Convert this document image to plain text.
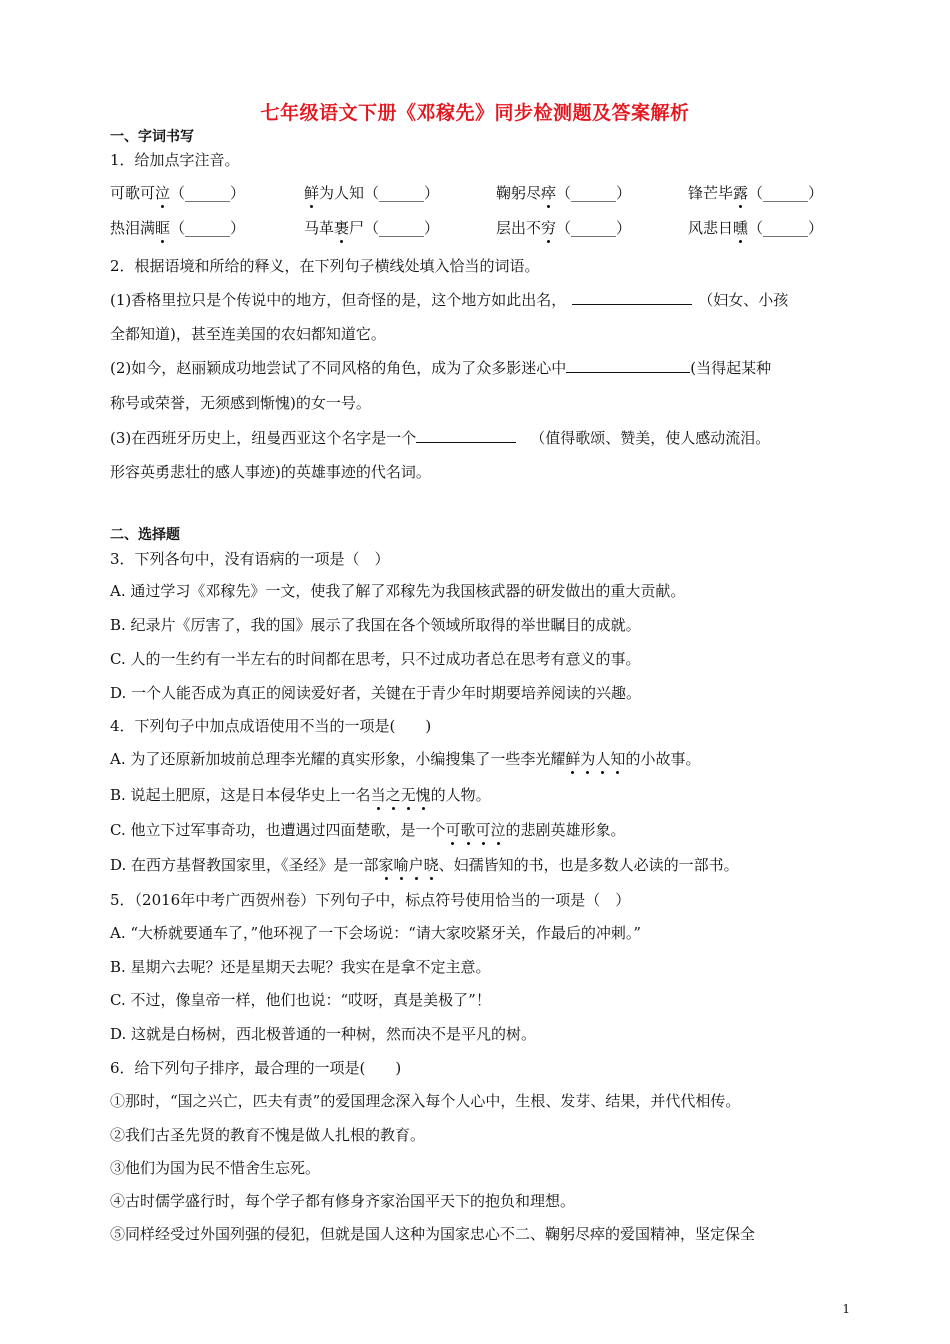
七年级语文下册《邓稼先》同步检测题及答案解析
一、字词书写
1．给加点字注音。
可歌可泣（______）	鲜为人知（______）	鞠躬尽瘁（______）	锋芒毕露（______）
热泪满眶（______）	马革裹尸（______）	层出不穷（______）	风悲日曛（______）
2．根据语境和所给的释义，在下列句子横线处填入恰当的词语。
(1)香格里拉只是个传说中的地方，但奇怪的是，这个地方如此出名，	（妇女、小孩
全都知道)，甚至连美国的农妇都知道它。
(2)如今，赵丽颖成功地尝试了不同风格的角色，成为了众多影迷心中	(当得起某种
称号或荣誉，无须感到惭愧)的女一号。
(3)在西班牙历史上，纽曼西亚这个名字是一个	（值得歌颂、赞美，使人感动流泪。
形容英勇悲壮的感人事迹)的英雄事迹的代名词。
二、选择题
3．下列各句中，没有语病的一项是（　）
A. 通过学习《邓稼先》一文，使我了解了邓稼先为我国核武器的研发做出的重大贡献。
B. 纪录片《厉害了，我的国》展示了我国在各个领域所取得的举世瞩目的成就。
C. 人的一生约有一半左右的时间都在思考，只不过成功者总在思考有意义的事。
D. 一个人能否成为真正的阅读爱好者，关键在于青少年时期要培养阅读的兴趣。
4．下列句子中加点成语使用不当的一项是(　　)
A. 为了还原新加坡前总理李光耀的真实形象，小编搜集了一些李光耀鲜为人知的小故事。
B. 说起土肥原，这是日本侵华史上一名当之无愧的人物。
C. 他立下过军事奇功，也遭遇过四面楚歌，是一个可歌可泣的悲剧英雄形象。
D. 在西方基督教国家里，《圣经》是一部家喻户晓、妇孺皆知的书，也是多数人必读的一部书。
5．（2016年中考广西贺州卷）下列句子中，标点符号使用恰当的一项是（　）
A. “大桥就要通车了，”他环视了一下会场说：“请大家咬紧牙关，作最后的冲刺。”
B. 星期六去呢？还是星期天去呢？我实在是拿不定主意。
C. 不过，像皇帝一样，他们也说：“哎呀，真是美极了”！
D. 这就是白杨树，西北极普通的一种树，然而决不是平凡的树。
6．给下列句子排序，最合理的一项是(　　)
①那时，“国之兴亡，匹夫有责”的爱国理念深入每个人心中，生根、发芽、结果，并代代相传。
②我们古圣先贤的教育不愧是做人扎根的教育。
③他们为国为民不惜舍生忘死。
④古时儒学盛行时，每个学子都有修身齐家治国平天下的抱负和理想。
⑤同样经受过外国列强的侵犯，但就是国人这种为国家忠心不二、鞠躬尽瘁的爱国精神，坚定保全
1
